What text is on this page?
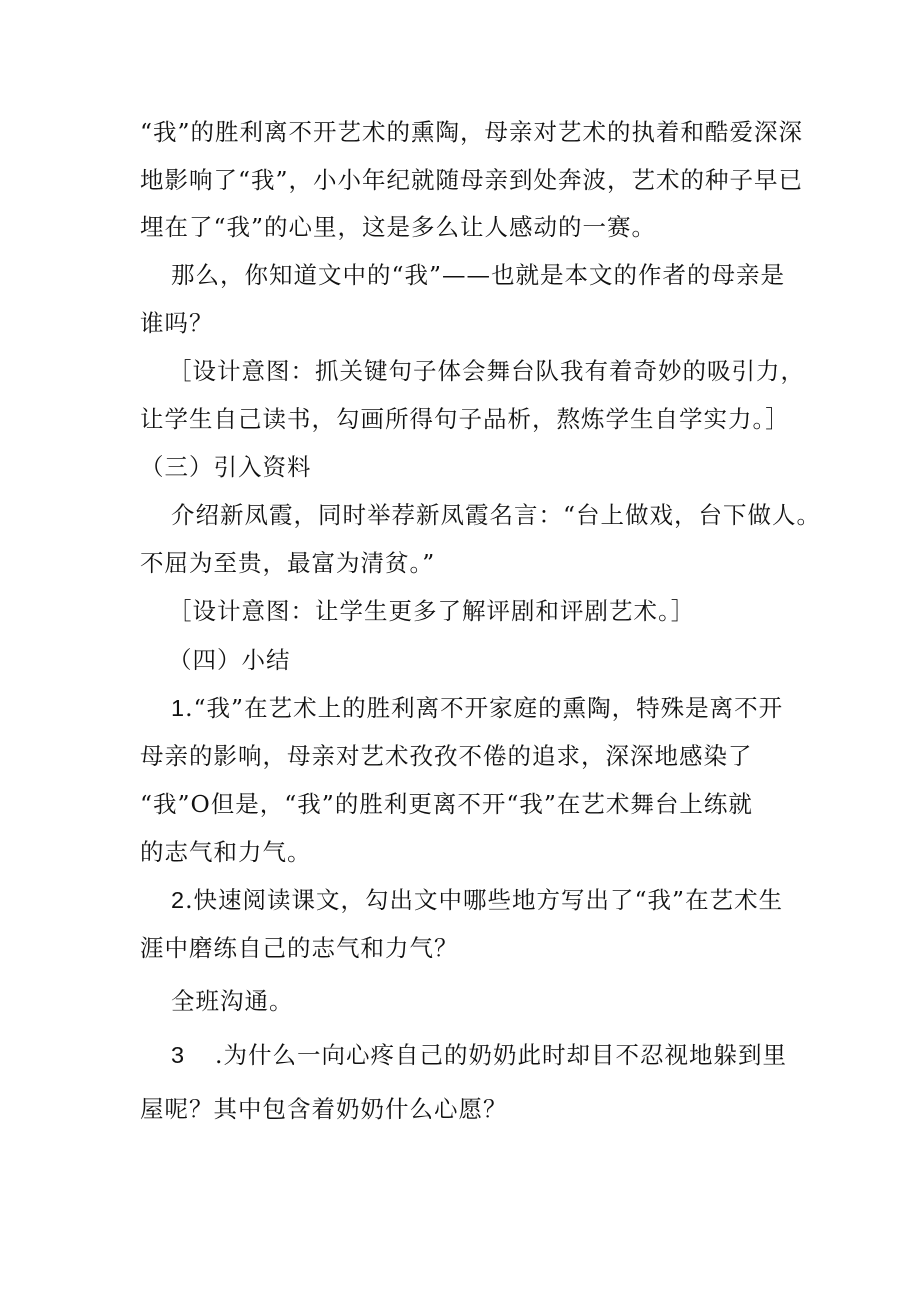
“我”的胜利离不开艺术的熏陶，母亲对艺术的执着和酷爱深深
地影响了“我”，小小年纪就随母亲到处奔波，艺术的种子早已
埋在了“我”的心里，这是多么让人感动的一赛。
那么，你知道文中的“我”——也就是本文的作者的母亲是
谁吗？
［设计意图：抓关键句子体会舞台队我有着奇妙的吸引力，
让学生自己读书，勾画所得句子品析，熬炼学生自学实力。］
（三）引入资料
介绍新凤霞，同时举荐新凤霞名言：“台上做戏，台下做人。
不屈为至贵，最富为清贫。”
［设计意图：让学生更多了解评剧和评剧艺术。］
（四）小结
1.“我”在艺术上的胜利离不开家庭的熏陶，特殊是离不开
母亲的影响，母亲对艺术孜孜不倦的追求，深深地感染了
“我”O但是，“我”的胜利更离不开“我”在艺术舞台上练就
的志气和力气。
2.快速阅读课文，勾出文中哪些地方写出了“我”在艺术生
涯中磨练自己的志气和力气？
全班沟通。
3 .为什么一向心疼自己的奶奶此时却目不忍视地躲到里
屋呢？其中包含着奶奶什么心愿？
